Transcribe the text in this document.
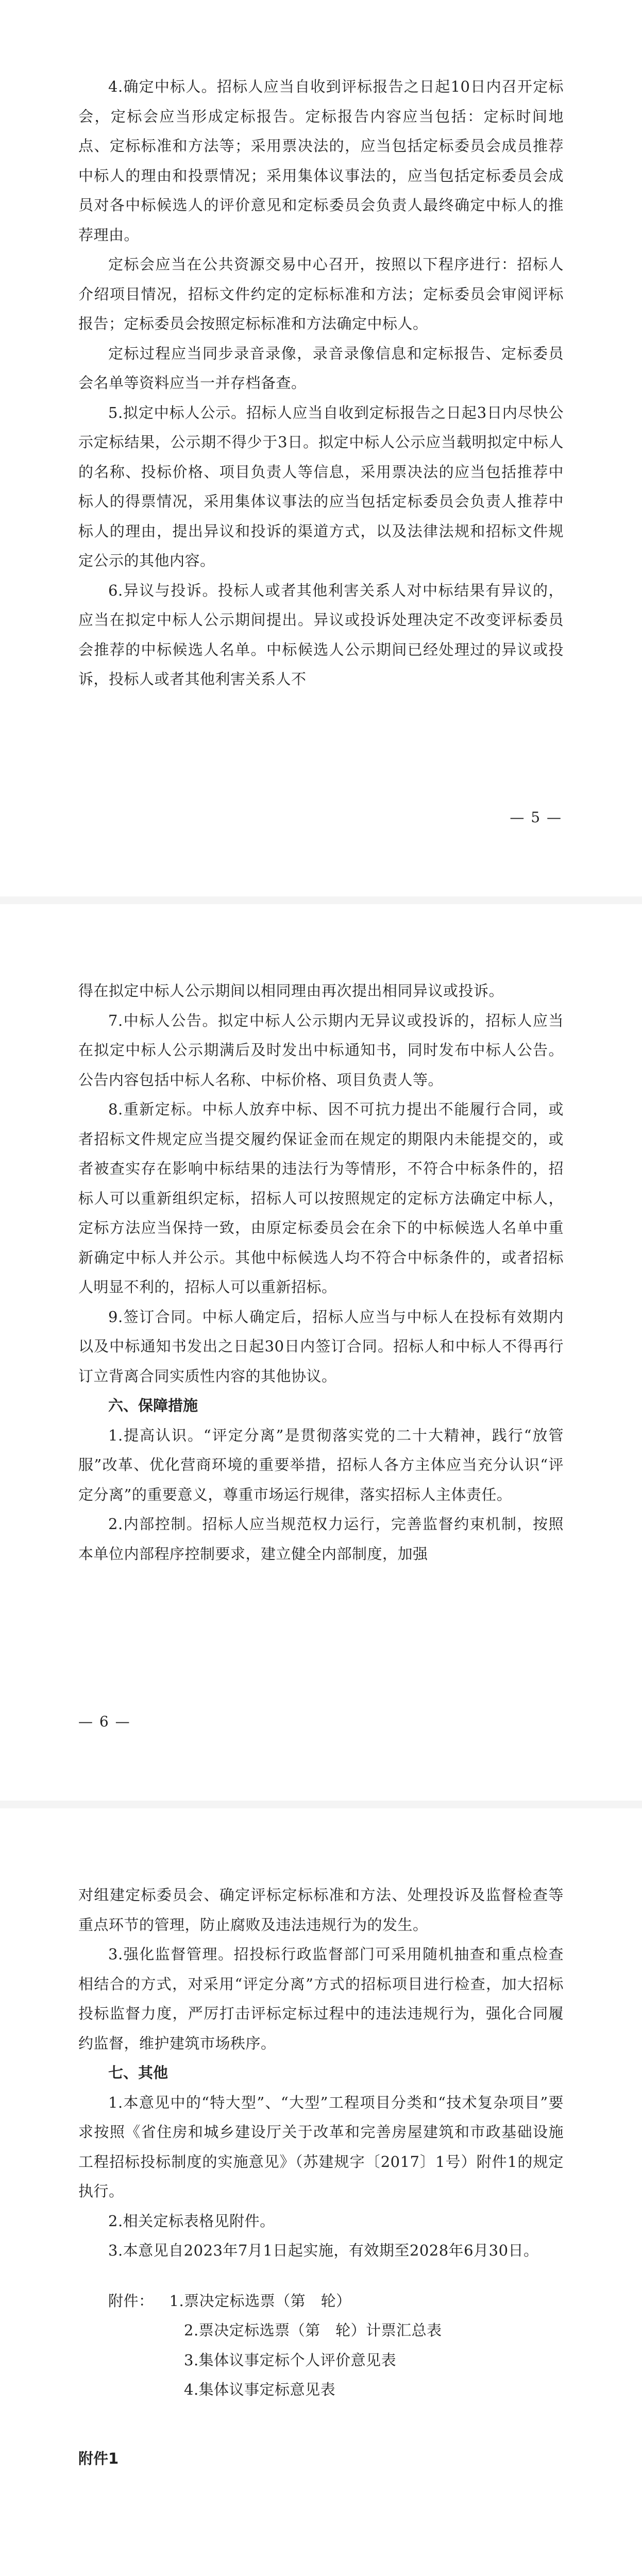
4.确定中标人。招标人应当自收到评标报告之日起10日内召开定标会，定标会应当形成定标报告。定标报告内容应当包括：定标时间地点、定标标准和方法等；采用票决法的，应当包括定标委员会成员推荐中标人的理由和投票情况；采用集体议事法的，应当包括定标委员会成员对各中标候选人的评价意见和定标委员会负责人最终确定中标人的推荐理由。

定标会应当在公共资源交易中心召开，按照以下程序进行：招标人介绍项目情况，招标文件约定的定标标准和方法；定标委员会审阅评标报告；定标委员会按照定标标准和方法确定中标人。

定标过程应当同步录音录像，录音录像信息和定标报告、定标委员会名单等资料应当一并存档备查。

5.拟定中标人公示。招标人应当自收到定标报告之日起3日内尽快公示定标结果，公示期不得少于3日。拟定中标人公示应当载明拟定中标人的名称、投标价格、项目负责人等信息，采用票决法的应当包括推荐中标人的得票情况，采用集体议事法的应当包括定标委员会负责人推荐中标人的理由，提出异议和投诉的渠道方式，以及法律法规和招标文件规定公示的其他内容。

6.异议与投诉。投标人或者其他利害关系人对中标结果有异议的，应当在拟定中标人公示期间提出。异议或投诉处理决定不改变评标委员会推荐的中标候选人名单。中标候选人公示期间已经处理过的异议或投诉，投标人或者其他利害关系人不

— 5 —

得在拟定中标人公示期间以相同理由再次提出相同异议或投诉。

7.中标人公告。拟定中标人公示期内无异议或投诉的，招标人应当在拟定中标人公示期满后及时发出中标通知书，同时发布中标人公告。公告内容包括中标人名称、中标价格、项目负责人等。

8.重新定标。中标人放弃中标、因不可抗力提出不能履行合同，或者招标文件规定应当提交履约保证金而在规定的期限内未能提交的，或者被查实存在影响中标结果的违法行为等情形，不符合中标条件的，招标人可以重新组织定标，招标人可以按照规定的定标方法确定中标人，定标方法应当保持一致，由原定标委员会在余下的中标候选人名单中重新确定中标人并公示。其他中标候选人均不符合中标条件的，或者招标人明显不利的，招标人可以重新招标。

9.签订合同。中标人确定后，招标人应当与中标人在投标有效期内以及中标通知书发出之日起30日内签订合同。招标人和中标人不得再行订立背离合同实质性内容的其他协议。

六、保障措施

1.提高认识。“评定分离”是贯彻落实党的二十大精神，践行“放管服”改革、优化营商环境的重要举措，招标人各方主体应当充分认识“评定分离”的重要意义，尊重市场运行规律，落实招标人主体责任。

2.内部控制。招标人应当规范权力运行，完善监督约束机制，按照本单位内部程序控制要求，建立健全内部制度，加强

— 6 —

对组建定标委员会、确定评标定标标准和方法、处理投诉及监督检查等重点环节的管理，防止腐败及违法违规行为的发生。

3.强化监督管理。招投标行政监督部门可采用随机抽查和重点检查相结合的方式，对采用“评定分离”方式的招标项目进行检查，加大招标投标监督力度，严厉打击评标定标过程中的违法违规行为，强化合同履约监督，维护建筑市场秩序。

七、其他

1.本意见中的“特大型”、“大型”工程项目分类和“技术复杂项目”要求按照《省住房和城乡建设厅关于改革和完善房屋建筑和市政基础设施工程招标投标制度的实施意见》（苏建规字〔2017〕1号）附件1的规定执行。

2.相关定标表格见附件。

3.本意见自2023年7月1日起实施，有效期至2028年6月30日。

附件： 1.票决定标选票（第　轮）

2.票决定标选票（第　轮）计票汇总表

3.集体议事定标个人评价意见表

4.集体议事定标意见表

附件1
